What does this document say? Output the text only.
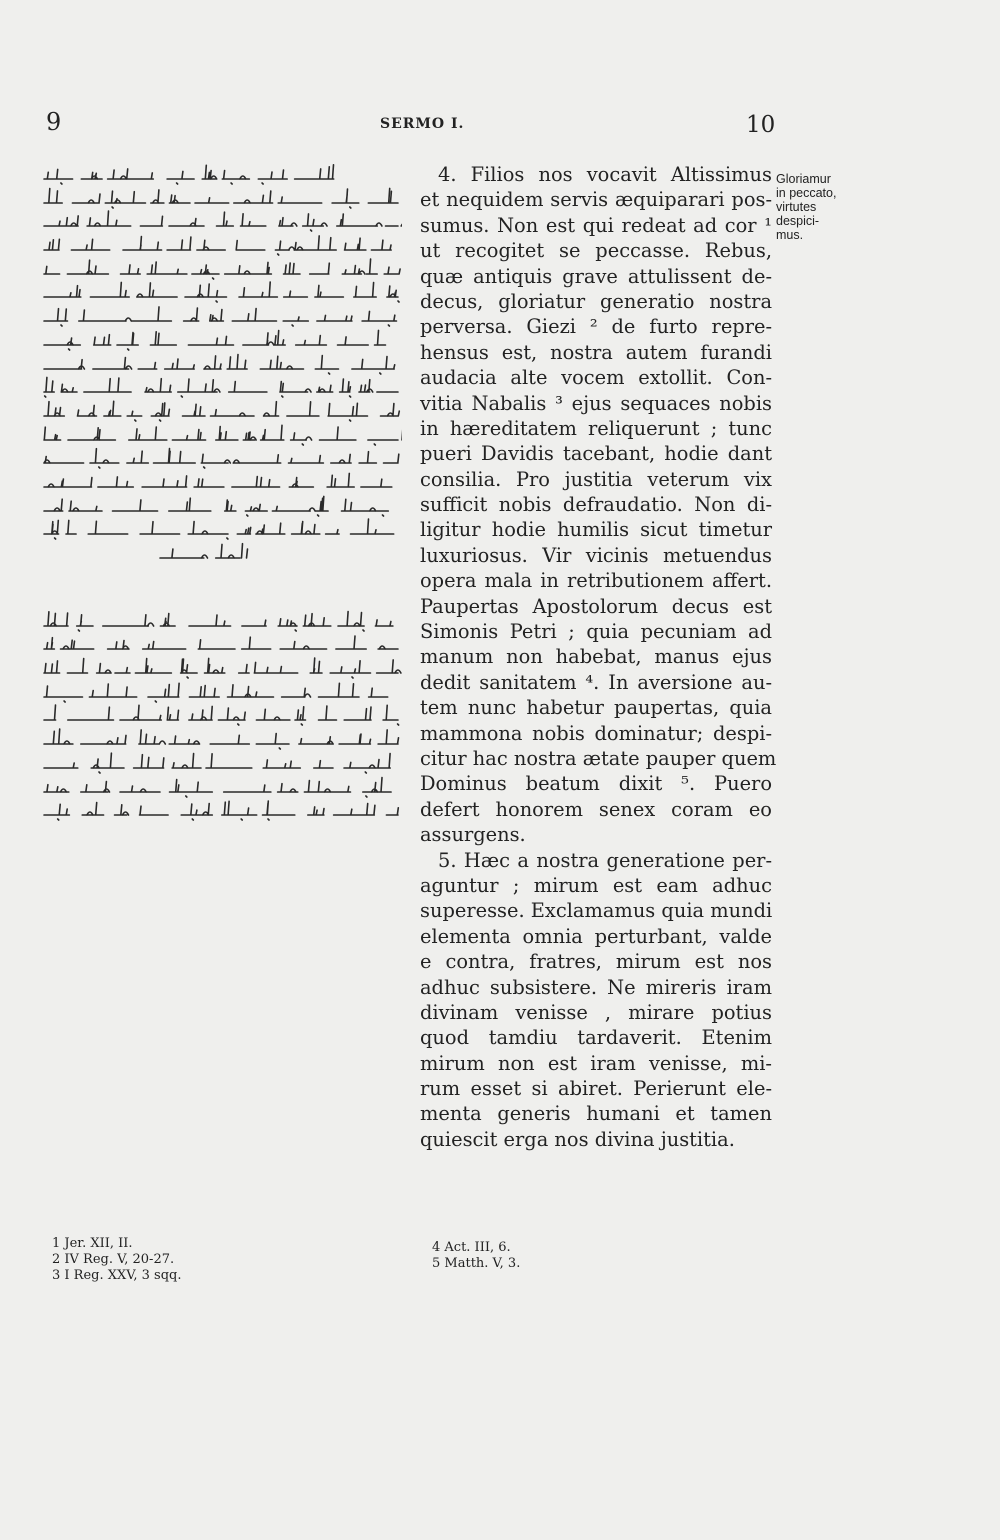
9	SERMO I.	10
4. Filios nos vocavit Altissimus
et nequidem servis æquiparari pos-
sumus. Non est qui redeat ad cor ¹
ut recogitet se peccasse. Rebus,
quæ antiquis grave attulissent de-
decus, gloriatur generatio nostra
perversa. Giezi ² de furto repre-
hensus est, nostra autem furandi
audacia alte vocem extollit. Con-
vitia Nabalis ³ ejus sequaces nobis
in hæreditatem reliquerunt ; tunc
pueri Davidis tacebant, hodie dant
consilia. Pro justitia veterum vix
sufficit nobis defraudatio. Non di-
ligitur hodie humilis sicut timetur
luxuriosus. Vir vicinis metuendus
opera mala in retributionem affert.
Paupertas Apostolorum decus est
Simonis Petri ; quia pecuniam ad
manum non habebat, manus ejus
dedit sanitatem ⁴. In aversione au-
tem nunc habetur paupertas, quia
mammona nobis dominatur; despi-
citur hac nostra ætate pauper quem
Dominus beatum dixit ⁵. Puero
defert honorem senex coram eo
assurgens.
5. Hæc a nostra generatione per-
aguntur ; mirum est eam adhuc
superesse. Exclamamus quia mundi
elementa omnia perturbant, valde
e contra, fratres, mirum est nos
adhuc subsistere. Ne mireris iram
divinam venisse , mirare potius
quod tamdiu tardaverit. Etenim
mirum non est iram venisse, mi-
rum esset si abiret. Perierunt ele-
menta generis humani et tamen
quiescit erga nos divina justitia.
Gloriamur
in peccato,
virtutes
despici-
mus.
1 Jer. XII, II.
2 IV Reg. V, 20-27.
3 I Reg. XXV, 3 sqq.
4 Act. III, 6.
5 Matth. V, 3.
